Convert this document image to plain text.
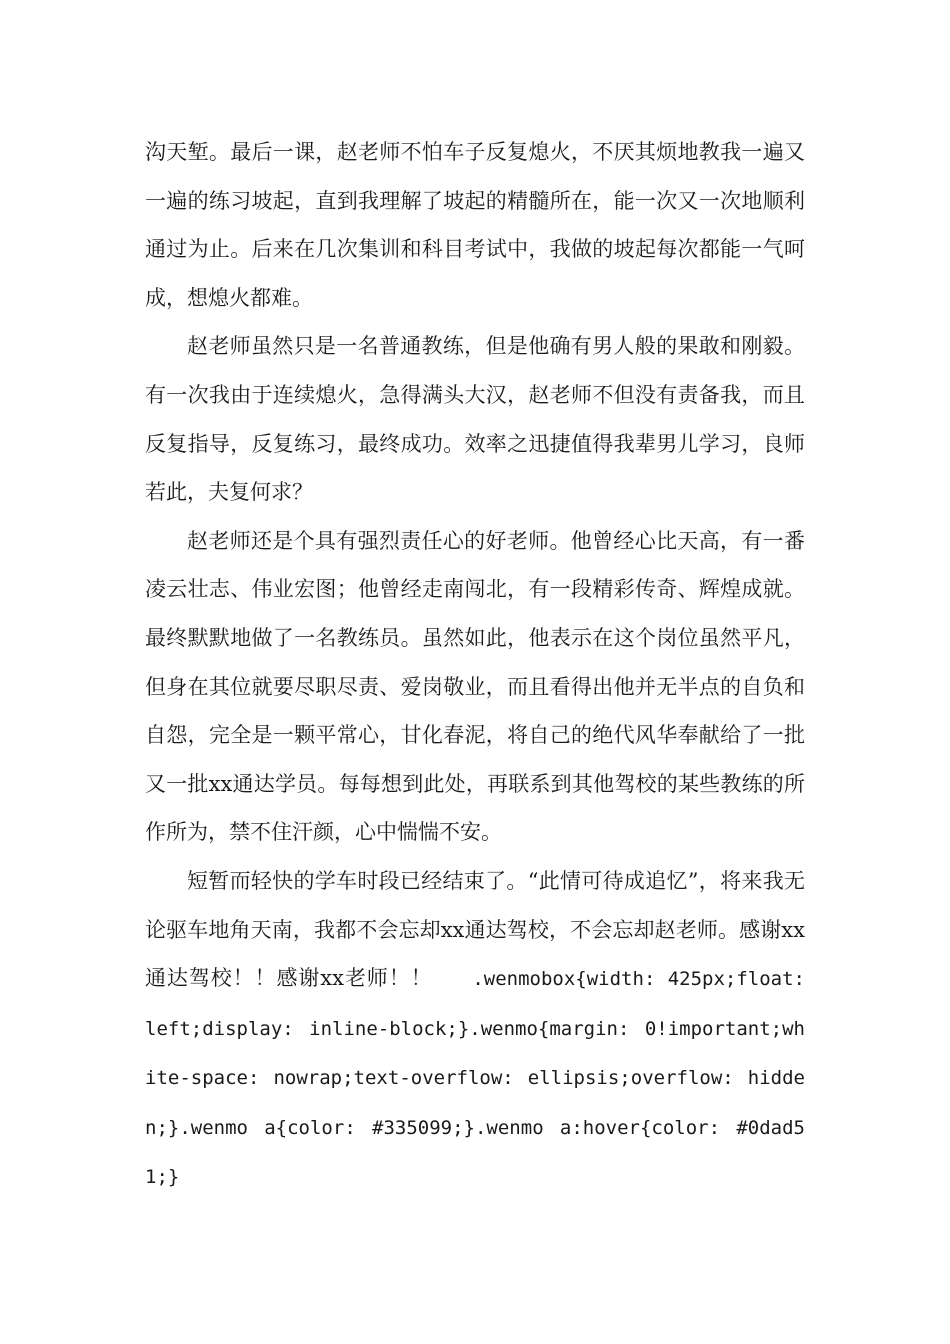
沟天堑。最后一课，赵老师不怕车子反复熄火，不厌其烦地教我一遍又一遍的练习坡起，直到我理解了坡起的精髓所在，能一次又一次地顺利通过为止。后来在几次集训和科目考试中，我做的坡起每次都能一气呵成，想熄火都难。

赵老师虽然只是一名普通教练，但是他确有男人般的果敢和刚毅。有一次我由于连续熄火，急得满头大汉，赵老师不但没有责备我，而且反复指导，反复练习，最终成功。效率之迅捷值得我辈男儿学习，良师若此，夫复何求？

赵老师还是个具有强烈责任心的好老师。他曾经心比天高，有一番凌云壮志、伟业宏图；他曾经走南闯北，有一段精彩传奇、辉煌成就。最终默默地做了一名教练员。虽然如此，他表示在这个岗位虽然平凡，但身在其位就要尽职尽责、爱岗敬业，而且看得出他并无半点的自负和自怨，完全是一颗平常心，甘化春泥，将自己的绝代风华奉献给了一批又一批xx通达学员。每每想到此处，再联系到其他驾校的某些教练的所作所为，禁不住汗颜，心中惴惴不安。

短暂而轻快的学车时段已经结束了。“此情可待成追忆”，将来我无论驱车地角天南，我都不会忘却xx通达驾校，不会忘却赵老师。感谢xx通达驾校！！感谢xx老师！！　　.wenmobox{width: 425px;float: left;display: inline-block;}.wenmo{margin: 0!important;white-space: nowrap;text-overflow: ellipsis;overflow: hidden;}.wenmo a{color: #335099;}.wenmo a:hover{color: #0dad51;}
